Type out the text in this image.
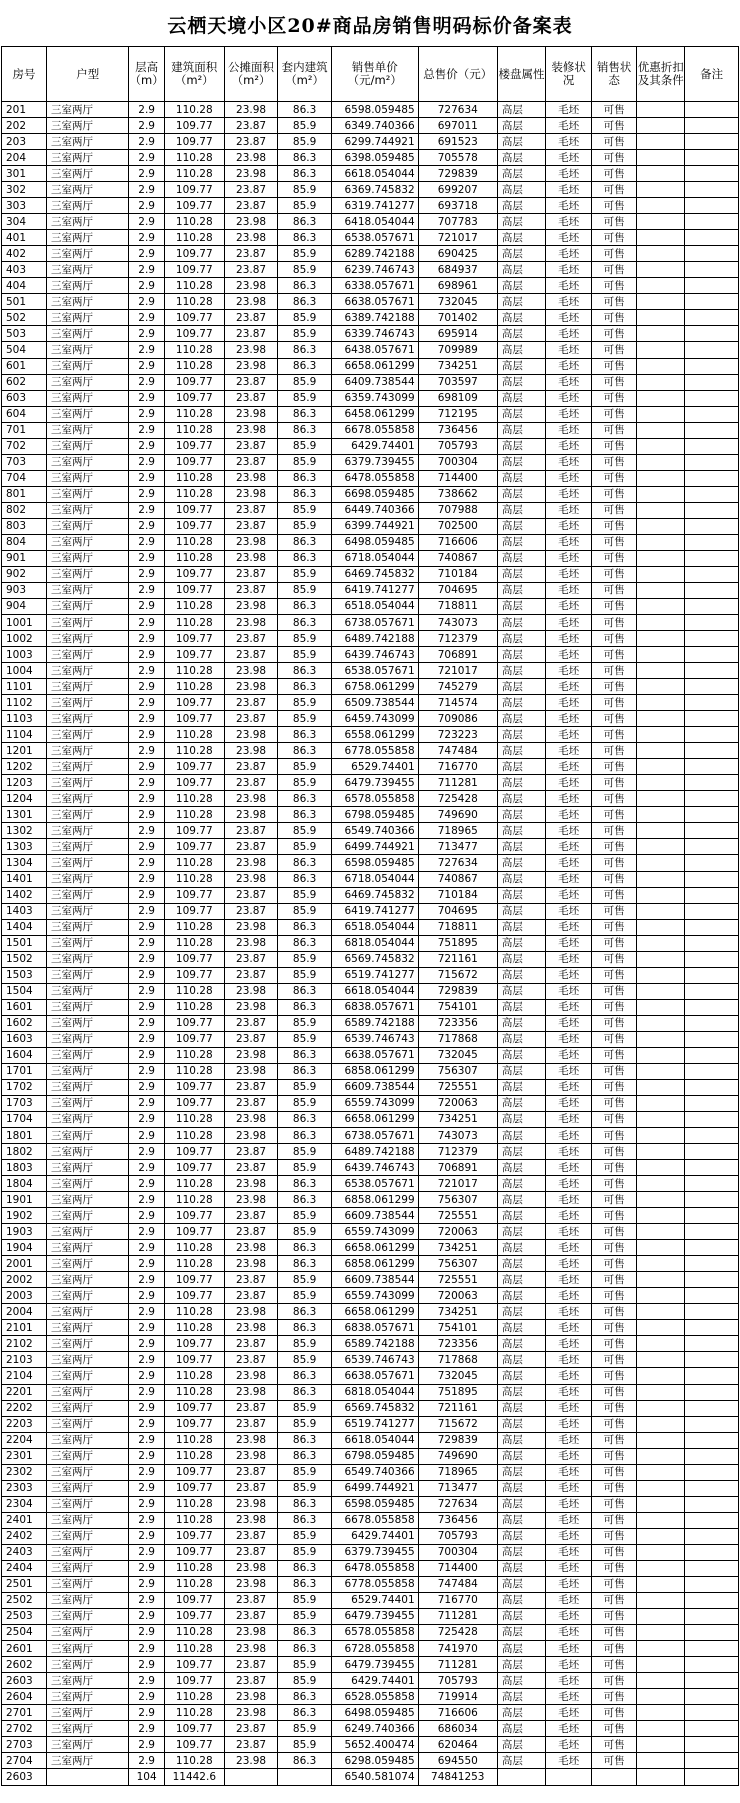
云栖天境小区20#商品房销售明码标价备案表
房号	户型	层高（m）	建筑面积（m²）	公摊面积（m²）	套内建筑（m²）	销售单价（元/m²）	总售价（元）	楼盘属性	装修状况	销售状态	优惠折扣及其条件	备注
201	三室两厅	2.9	110.28	23.98	86.3	6598.059485	727634	高层	毛坯	可售		
202	三室两厅	2.9	109.77	23.87	85.9	6349.740366	697011	高层	毛坯	可售		
203	三室两厅	2.9	109.77	23.87	85.9	6299.744921	691523	高层	毛坯	可售		
204	三室两厅	2.9	110.28	23.98	86.3	6398.059485	705578	高层	毛坯	可售		
301	三室两厅	2.9	110.28	23.98	86.3	6618.054044	729839	高层	毛坯	可售		
302	三室两厅	2.9	109.77	23.87	85.9	6369.745832	699207	高层	毛坯	可售		
303	三室两厅	2.9	109.77	23.87	85.9	6319.741277	693718	高层	毛坯	可售		
304	三室两厅	2.9	110.28	23.98	86.3	6418.054044	707783	高层	毛坯	可售		
401	三室两厅	2.9	110.28	23.98	86.3	6538.057671	721017	高层	毛坯	可售		
402	三室两厅	2.9	109.77	23.87	85.9	6289.742188	690425	高层	毛坯	可售		
403	三室两厅	2.9	109.77	23.87	85.9	6239.746743	684937	高层	毛坯	可售		
404	三室两厅	2.9	110.28	23.98	86.3	6338.057671	698961	高层	毛坯	可售		
501	三室两厅	2.9	110.28	23.98	86.3	6638.057671	732045	高层	毛坯	可售		
502	三室两厅	2.9	109.77	23.87	85.9	6389.742188	701402	高层	毛坯	可售		
503	三室两厅	2.9	109.77	23.87	85.9	6339.746743	695914	高层	毛坯	可售		
504	三室两厅	2.9	110.28	23.98	86.3	6438.057671	709989	高层	毛坯	可售		
601	三室两厅	2.9	110.28	23.98	86.3	6658.061299	734251	高层	毛坯	可售		
602	三室两厅	2.9	109.77	23.87	85.9	6409.738544	703597	高层	毛坯	可售		
603	三室两厅	2.9	109.77	23.87	85.9	6359.743099	698109	高层	毛坯	可售		
604	三室两厅	2.9	110.28	23.98	86.3	6458.061299	712195	高层	毛坯	可售		
701	三室两厅	2.9	110.28	23.98	86.3	6678.055858	736456	高层	毛坯	可售		
702	三室两厅	2.9	109.77	23.87	85.9	6429.74401	705793	高层	毛坯	可售		
703	三室两厅	2.9	109.77	23.87	85.9	6379.739455	700304	高层	毛坯	可售		
704	三室两厅	2.9	110.28	23.98	86.3	6478.055858	714400	高层	毛坯	可售		
801	三室两厅	2.9	110.28	23.98	86.3	6698.059485	738662	高层	毛坯	可售		
802	三室两厅	2.9	109.77	23.87	85.9	6449.740366	707988	高层	毛坯	可售		
803	三室两厅	2.9	109.77	23.87	85.9	6399.744921	702500	高层	毛坯	可售		
804	三室两厅	2.9	110.28	23.98	86.3	6498.059485	716606	高层	毛坯	可售		
901	三室两厅	2.9	110.28	23.98	86.3	6718.054044	740867	高层	毛坯	可售		
902	三室两厅	2.9	109.77	23.87	85.9	6469.745832	710184	高层	毛坯	可售		
903	三室两厅	2.9	109.77	23.87	85.9	6419.741277	704695	高层	毛坯	可售		
904	三室两厅	2.9	110.28	23.98	86.3	6518.054044	718811	高层	毛坯	可售		
1001	三室两厅	2.9	110.28	23.98	86.3	6738.057671	743073	高层	毛坯	可售		
1002	三室两厅	2.9	109.77	23.87	85.9	6489.742188	712379	高层	毛坯	可售		
1003	三室两厅	2.9	109.77	23.87	85.9	6439.746743	706891	高层	毛坯	可售		
1004	三室两厅	2.9	110.28	23.98	86.3	6538.057671	721017	高层	毛坯	可售		
1101	三室两厅	2.9	110.28	23.98	86.3	6758.061299	745279	高层	毛坯	可售		
1102	三室两厅	2.9	109.77	23.87	85.9	6509.738544	714574	高层	毛坯	可售		
1103	三室两厅	2.9	109.77	23.87	85.9	6459.743099	709086	高层	毛坯	可售		
1104	三室两厅	2.9	110.28	23.98	86.3	6558.061299	723223	高层	毛坯	可售		
1201	三室两厅	2.9	110.28	23.98	86.3	6778.055858	747484	高层	毛坯	可售		
1202	三室两厅	2.9	109.77	23.87	85.9	6529.74401	716770	高层	毛坯	可售		
1203	三室两厅	2.9	109.77	23.87	85.9	6479.739455	711281	高层	毛坯	可售		
1204	三室两厅	2.9	110.28	23.98	86.3	6578.055858	725428	高层	毛坯	可售		
1301	三室两厅	2.9	110.28	23.98	86.3	6798.059485	749690	高层	毛坯	可售		
1302	三室两厅	2.9	109.77	23.87	85.9	6549.740366	718965	高层	毛坯	可售		
1303	三室两厅	2.9	109.77	23.87	85.9	6499.744921	713477	高层	毛坯	可售		
1304	三室两厅	2.9	110.28	23.98	86.3	6598.059485	727634	高层	毛坯	可售		
1401	三室两厅	2.9	110.28	23.98	86.3	6718.054044	740867	高层	毛坯	可售		
1402	三室两厅	2.9	109.77	23.87	85.9	6469.745832	710184	高层	毛坯	可售		
1403	三室两厅	2.9	109.77	23.87	85.9	6419.741277	704695	高层	毛坯	可售		
1404	三室两厅	2.9	110.28	23.98	86.3	6518.054044	718811	高层	毛坯	可售		
1501	三室两厅	2.9	110.28	23.98	86.3	6818.054044	751895	高层	毛坯	可售		
1502	三室两厅	2.9	109.77	23.87	85.9	6569.745832	721161	高层	毛坯	可售		
1503	三室两厅	2.9	109.77	23.87	85.9	6519.741277	715672	高层	毛坯	可售		
1504	三室两厅	2.9	110.28	23.98	86.3	6618.054044	729839	高层	毛坯	可售		
1601	三室两厅	2.9	110.28	23.98	86.3	6838.057671	754101	高层	毛坯	可售		
1602	三室两厅	2.9	109.77	23.87	85.9	6589.742188	723356	高层	毛坯	可售		
1603	三室两厅	2.9	109.77	23.87	85.9	6539.746743	717868	高层	毛坯	可售		
1604	三室两厅	2.9	110.28	23.98	86.3	6638.057671	732045	高层	毛坯	可售		
1701	三室两厅	2.9	110.28	23.98	86.3	6858.061299	756307	高层	毛坯	可售		
1702	三室两厅	2.9	109.77	23.87	85.9	6609.738544	725551	高层	毛坯	可售		
1703	三室两厅	2.9	109.77	23.87	85.9	6559.743099	720063	高层	毛坯	可售		
1704	三室两厅	2.9	110.28	23.98	86.3	6658.061299	734251	高层	毛坯	可售		
1801	三室两厅	2.9	110.28	23.98	86.3	6738.057671	743073	高层	毛坯	可售		
1802	三室两厅	2.9	109.77	23.87	85.9	6489.742188	712379	高层	毛坯	可售		
1803	三室两厅	2.9	109.77	23.87	85.9	6439.746743	706891	高层	毛坯	可售		
1804	三室两厅	2.9	110.28	23.98	86.3	6538.057671	721017	高层	毛坯	可售		
1901	三室两厅	2.9	110.28	23.98	86.3	6858.061299	756307	高层	毛坯	可售		
1902	三室两厅	2.9	109.77	23.87	85.9	6609.738544	725551	高层	毛坯	可售		
1903	三室两厅	2.9	109.77	23.87	85.9	6559.743099	720063	高层	毛坯	可售		
1904	三室两厅	2.9	110.28	23.98	86.3	6658.061299	734251	高层	毛坯	可售		
2001	三室两厅	2.9	110.28	23.98	86.3	6858.061299	756307	高层	毛坯	可售		
2002	三室两厅	2.9	109.77	23.87	85.9	6609.738544	725551	高层	毛坯	可售		
2003	三室两厅	2.9	109.77	23.87	85.9	6559.743099	720063	高层	毛坯	可售		
2004	三室两厅	2.9	110.28	23.98	86.3	6658.061299	734251	高层	毛坯	可售		
2101	三室两厅	2.9	110.28	23.98	86.3	6838.057671	754101	高层	毛坯	可售		
2102	三室两厅	2.9	109.77	23.87	85.9	6589.742188	723356	高层	毛坯	可售		
2103	三室两厅	2.9	109.77	23.87	85.9	6539.746743	717868	高层	毛坯	可售		
2104	三室两厅	2.9	110.28	23.98	86.3	6638.057671	732045	高层	毛坯	可售		
2201	三室两厅	2.9	110.28	23.98	86.3	6818.054044	751895	高层	毛坯	可售		
2202	三室两厅	2.9	109.77	23.87	85.9	6569.745832	721161	高层	毛坯	可售		
2203	三室两厅	2.9	109.77	23.87	85.9	6519.741277	715672	高层	毛坯	可售		
2204	三室两厅	2.9	110.28	23.98	86.3	6618.054044	729839	高层	毛坯	可售		
2301	三室两厅	2.9	110.28	23.98	86.3	6798.059485	749690	高层	毛坯	可售		
2302	三室两厅	2.9	109.77	23.87	85.9	6549.740366	718965	高层	毛坯	可售		
2303	三室两厅	2.9	109.77	23.87	85.9	6499.744921	713477	高层	毛坯	可售		
2304	三室两厅	2.9	110.28	23.98	86.3	6598.059485	727634	高层	毛坯	可售		
2401	三室两厅	2.9	110.28	23.98	86.3	6678.055858	736456	高层	毛坯	可售		
2402	三室两厅	2.9	109.77	23.87	85.9	6429.74401	705793	高层	毛坯	可售		
2403	三室两厅	2.9	109.77	23.87	85.9	6379.739455	700304	高层	毛坯	可售		
2404	三室两厅	2.9	110.28	23.98	86.3	6478.055858	714400	高层	毛坯	可售		
2501	三室两厅	2.9	110.28	23.98	86.3	6778.055858	747484	高层	毛坯	可售		
2502	三室两厅	2.9	109.77	23.87	85.9	6529.74401	716770	高层	毛坯	可售		
2503	三室两厅	2.9	109.77	23.87	85.9	6479.739455	711281	高层	毛坯	可售		
2504	三室两厅	2.9	110.28	23.98	86.3	6578.055858	725428	高层	毛坯	可售		
2601	三室两厅	2.9	110.28	23.98	86.3	6728.055858	741970	高层	毛坯	可售		
2602	三室两厅	2.9	109.77	23.87	85.9	6479.739455	711281	高层	毛坯	可售		
2603	三室两厅	2.9	109.77	23.87	85.9	6429.74401	705793	高层	毛坯	可售		
2604	三室两厅	2.9	110.28	23.98	86.3	6528.055858	719914	高层	毛坯	可售		
2701	三室两厅	2.9	110.28	23.98	86.3	6498.059485	716606	高层	毛坯	可售		
2702	三室两厅	2.9	109.77	23.87	85.9	6249.740366	686034	高层	毛坯	可售		
2703	三室两厅	2.9	109.77	23.87	85.9	5652.400474	620464	高层	毛坯	可售		
2704	三室两厅	2.9	110.28	23.98	86.3	6298.059485	694550	高层	毛坯	可售		
2603		104	11442.6			6540.581074	74841253					
